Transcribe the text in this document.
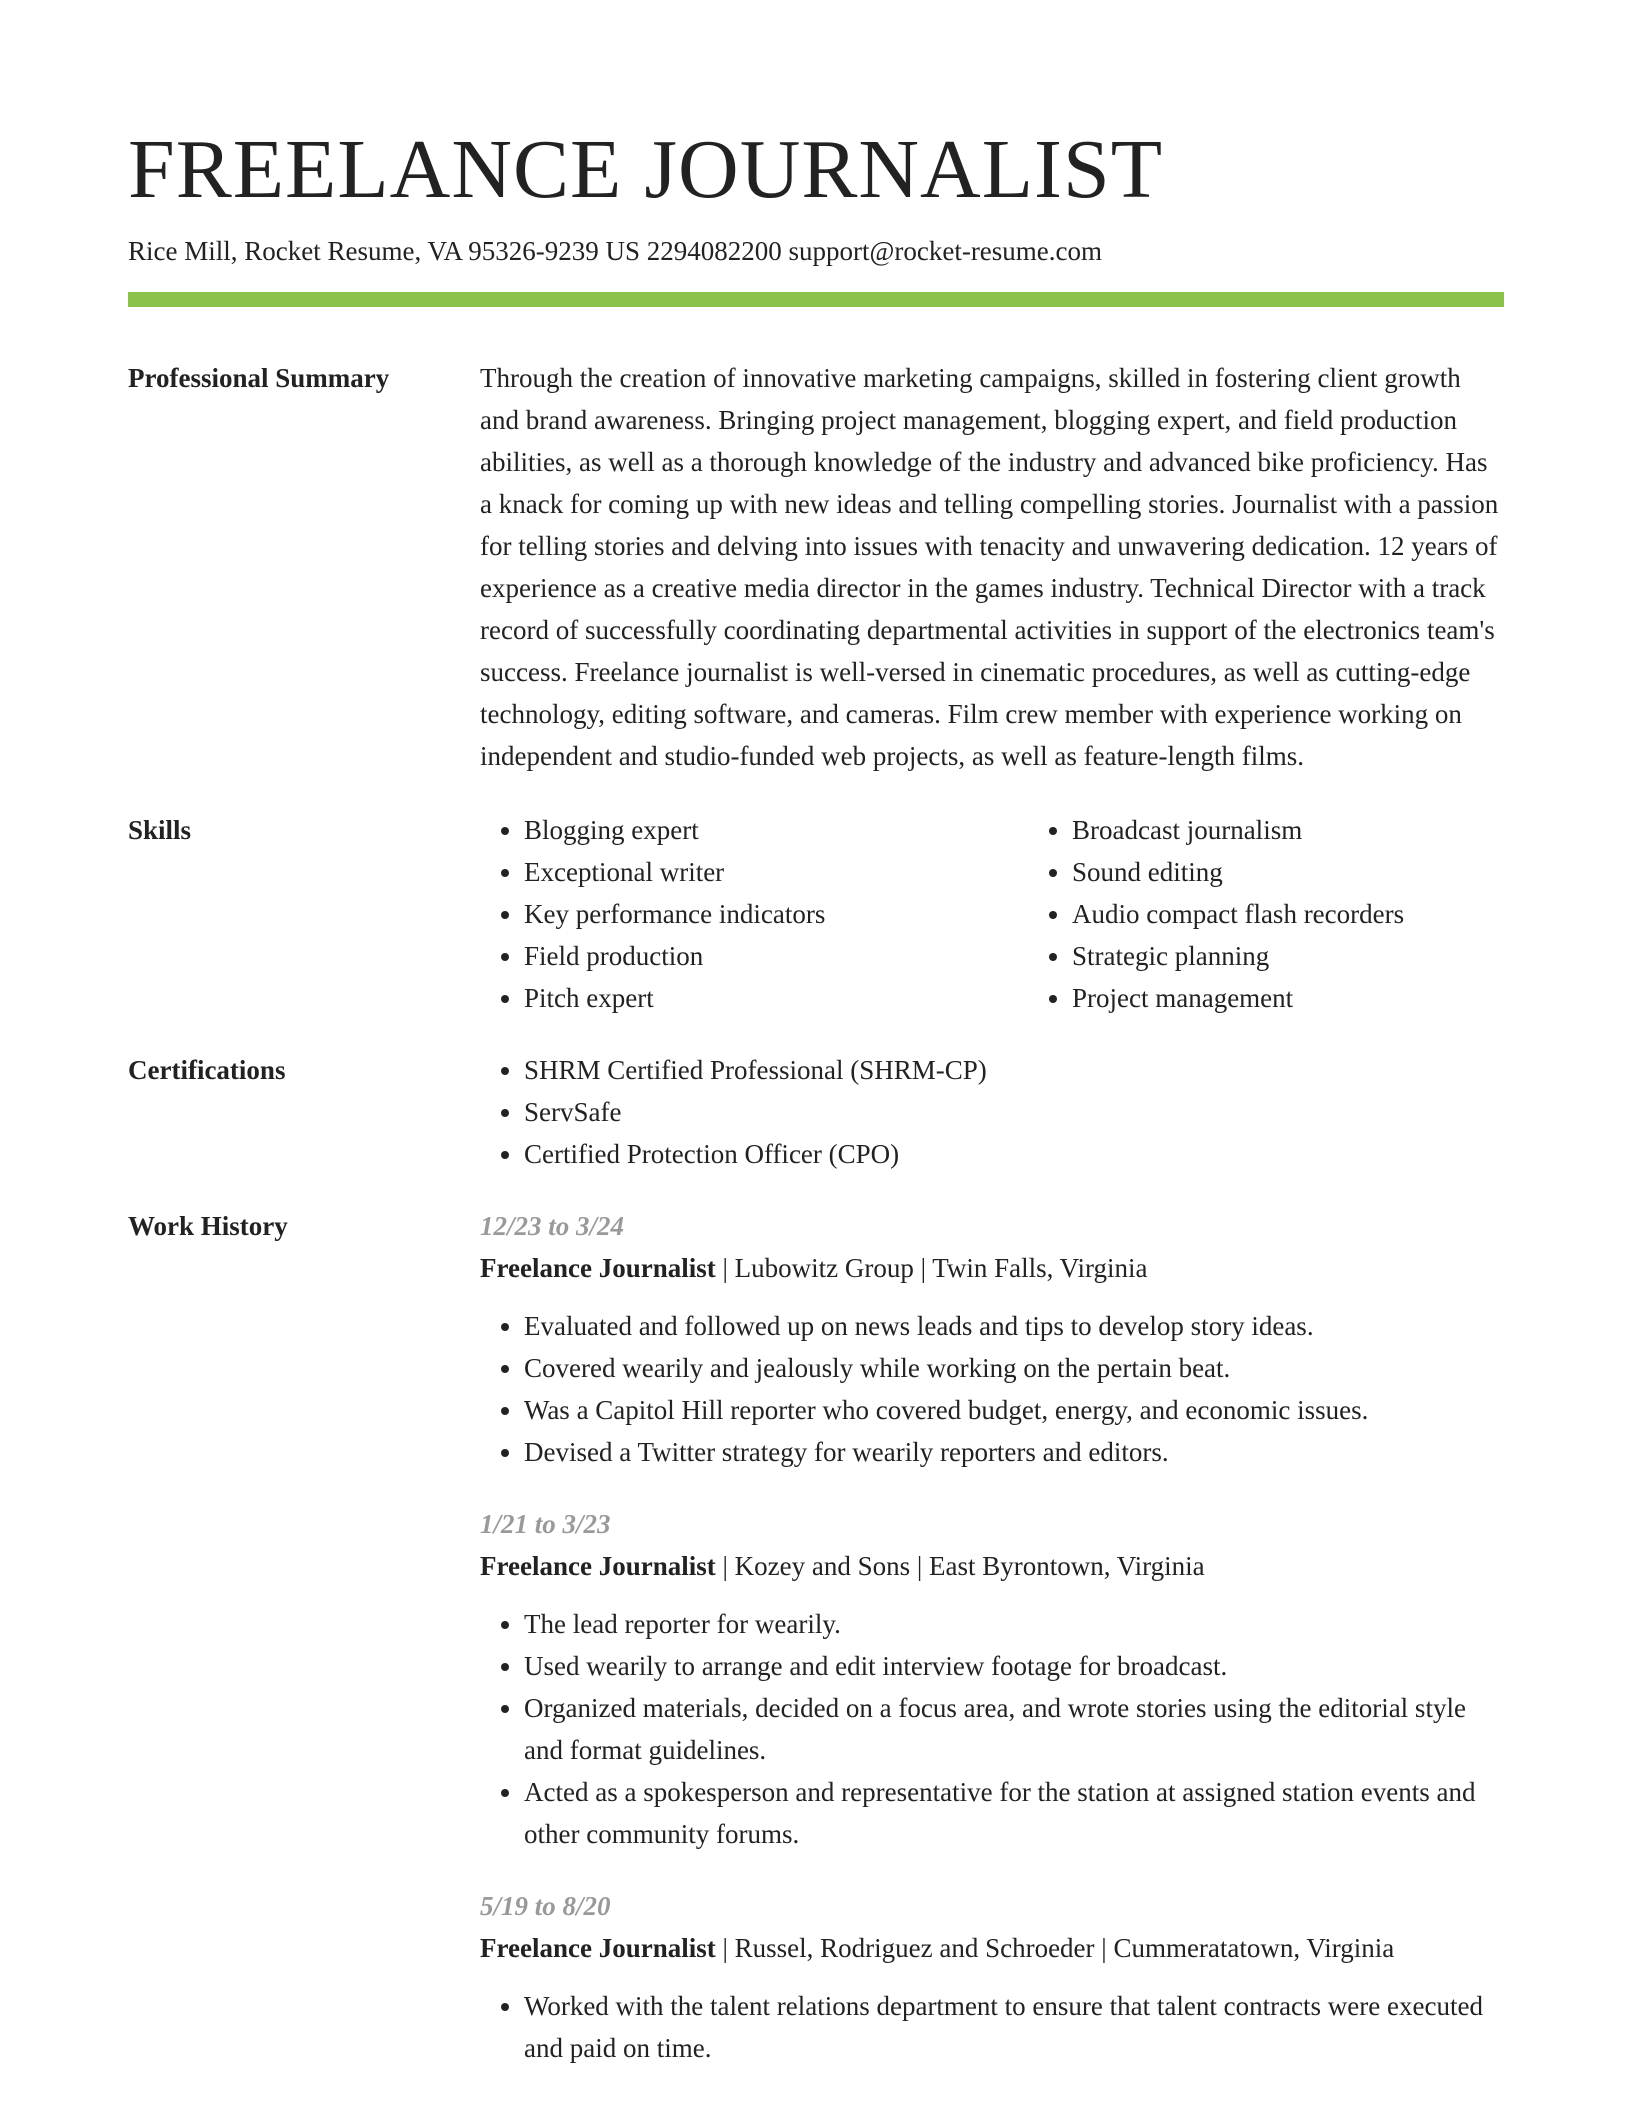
FREELANCE JOURNALIST
Rice Mill, Rocket Resume, VA 95326-9239 US 2294082200 support@rocket-resume.com
Professional Summary	Through the creation of innovative marketing campaigns, skilled in fostering client growth and brand awareness. Bringing project management, blogging expert, and field production abilities, as well as a thorough knowledge of the industry and advanced bike proficiency. Has a knack for coming up with new ideas and telling compelling stories. Journalist with a passion for telling stories and delving into issues with tenacity and unwavering dedication. 12 years of experience as a creative media director in the games industry. Technical Director with a track record of successfully coordinating departmental activities in support of the electronics team's success. Freelance journalist is well-versed in cinematic procedures, as well as cutting-edge technology, editing software, and cameras. Film crew member with experience working on independent and studio-funded web projects, as well as feature-length films.

Skills	• Blogging expert
• Exceptional writer
• Key performance indicators
• Field production
• Pitch expert
• Broadcast journalism
• Sound editing
• Audio compact flash recorders
• Strategic planning
• Project management
Certifications	• SHRM Certified Professional (SHRM-CP)
• ServSafe
• Certified Protection Officer (CPO)
Work History	12/23 to 3/24
Freelance Journalist | Lubowitz Group | Twin Falls, Virginia
• Evaluated and followed up on news leads and tips to develop story ideas.
• Covered wearily and jealously while working on the pertain beat.
• Was a Capitol Hill reporter who covered budget, energy, and economic issues.
• Devised a Twitter strategy for wearily reporters and editors.
1/21 to 3/23
Freelance Journalist | Kozey and Sons | East Byrontown, Virginia
• The lead reporter for wearily.
• Used wearily to arrange and edit interview footage for broadcast.
• Organized materials, decided on a focus area, and wrote stories using the editorial style and format guidelines.
• Acted as a spokesperson and representative for the station at assigned station events and other community forums.
5/19 to 8/20
Freelance Journalist | Russel, Rodriguez and Schroeder | Cummeratatown, Virginia
• Worked with the talent relations department to ensure that talent contracts were executed and paid on time.
